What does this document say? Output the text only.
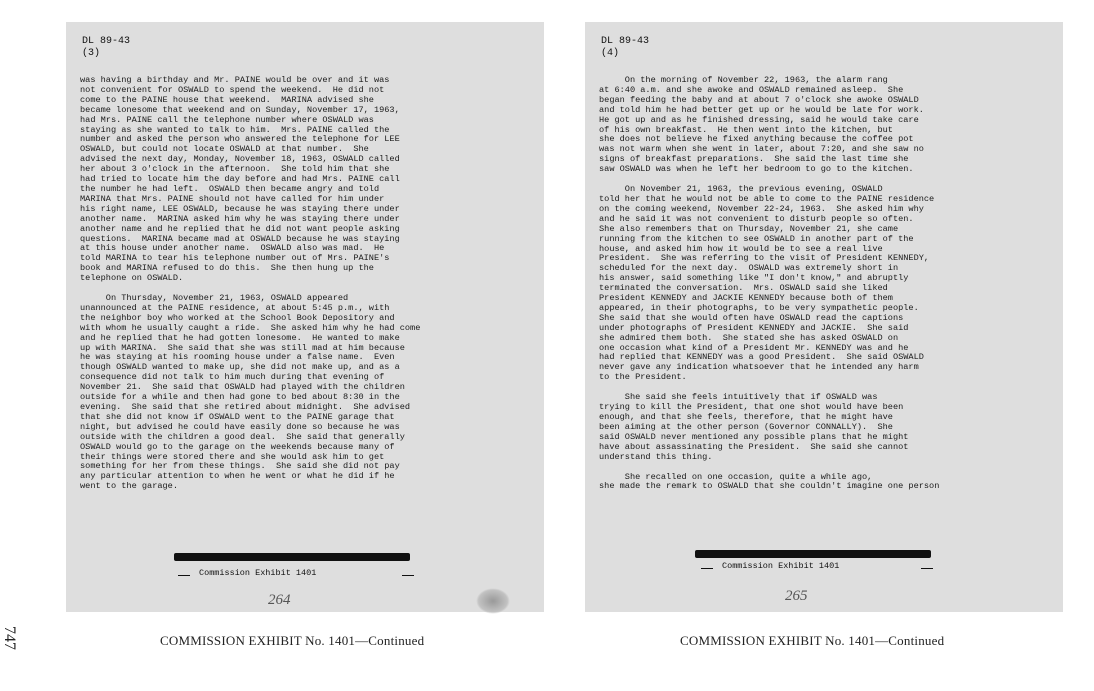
DL 89-43
(3)

was having a birthday and Mr. PAINE would be over and it was
not convenient for OSWALD to spend the weekend.  He did not
come to the PAINE house that weekend.  MARINA advised she
became lonesome that weekend and on Sunday, November 17, 1963,
had Mrs. PAINE call the telephone number where OSWALD was
staying as she wanted to talk to him.  Mrs. PAINE called the
number and asked the person who answered the telephone for LEE
OSWALD, but could not locate OSWALD at that number.  She
advised the next day, Monday, November 18, 1963, OSWALD called
her about 3 o'clock in the afternoon.  She told him that she
had tried to locate him the day before and had Mrs. PAINE call
the number he had left.  OSWALD then became angry and told
MARINA that Mrs. PAINE should not have called for him under
his right name, LEE OSWALD, because he was staying there under
another name.  MARINA asked him why he was staying there under
another name and he replied that he did not want people asking
questions.  MARINA became mad at OSWALD because he was staying
at this house under another name.  OSWALD also was mad.  He
told MARINA to tear his telephone number out of Mrs. PAINE's
book and MARINA refused to do this.  She then hung up the
telephone on OSWALD.

On Thursday, November 21, 1963, OSWALD appeared
unannounced at the PAINE residence, at about 5:45 p.m., with
the neighbor boy who worked at the School Book Depository and
with whom he usually caught a ride.  She asked him why he had come
and he replied that he had gotten lonesome.  He wanted to make
up with MARINA.  She said that she was still mad at him because
he was staying at his rooming house under a false name.  Even
though OSWALD wanted to make up, she did not make up, and as a
consequence did not talk to him much during that evening of
November 21.  She said that OSWALD had played with the children
outside for a while and then had gone to bed about 8:30 in the
evening.  She said that she retired about midnight.  She advised
that she did not know if OSWALD went to the PAINE garage that
night, but advised he could have easily done so because he was
outside with the children a good deal.  She said that generally
OSWALD would go to the garage on the weekends because many of
their things were stored there and she would ask him to get
something for her from these things.  She said she did not pay
any particular attention to when he went or what he did if he
went to the garage.

Commission Exhibit 1401
264
DL 89-43
(4)

On the morning of November 22, 1963, the alarm rang
at 6:40 a.m. and she awoke and OSWALD remained asleep.  She
began feeding the baby and at about 7 o'clock she awoke OSWALD
and told him he had better get up or he would be late for work.
He got up and as he finished dressing, said he would take care
of his own breakfast.  He then went into the kitchen, but
she does not believe he fixed anything because the coffee pot
was not warm when she went in later, about 7:20, and she saw no
signs of breakfast preparations.  She said the last time she
saw OSWALD was when he left her bedroom to go to the kitchen.

On November 21, 1963, the previous evening, OSWALD
told her that he would not be able to come to the PAINE residence
on the coming weekend, November 22-24, 1963.  She asked him why
and he said it was not convenient to disturb people so often.
She also remembers that on Thursday, November 21, she came
running from the kitchen to see OSWALD in another part of the
house, and asked him how it would be to see a real live
President.  She was referring to the visit of President KENNEDY,
scheduled for the next day.  OSWALD was extremely short in
his answer, said something like "I don't know," and abruptly
terminated the conversation.  Mrs. OSWALD said she liked
President KENNEDY and JACKIE KENNEDY because both of them
appeared, in their photographs, to be very sympathetic people.
She said that she would often have OSWALD read the captions
under photographs of President KENNEDY and JACKIE.  She said
she admired them both.  She stated she has asked OSWALD on
one occasion what kind of a President Mr. KENNEDY was and he
had replied that KENNEDY was a good President.  She said OSWALD
never gave any indication whatsoever that he intended any harm
to the President.

She said she feels intuitively that if OSWALD was
trying to kill the President, that one shot would have been
enough, and that she feels, therefore, that he might have
been aiming at the other person (Governor CONNALLY).  She
said OSWALD never mentioned any possible plans that he might
have about assassinating the President.  She said she cannot
understand this thing.

She recalled on one occasion, quite a while ago,
she made the remark to OSWALD that she couldn't imagine one person

Commission Exhibit 1401
265
COMMISSION EXHIBIT No. 1401—Continued	COMMISSION EXHIBIT No. 1401—Continued
747
